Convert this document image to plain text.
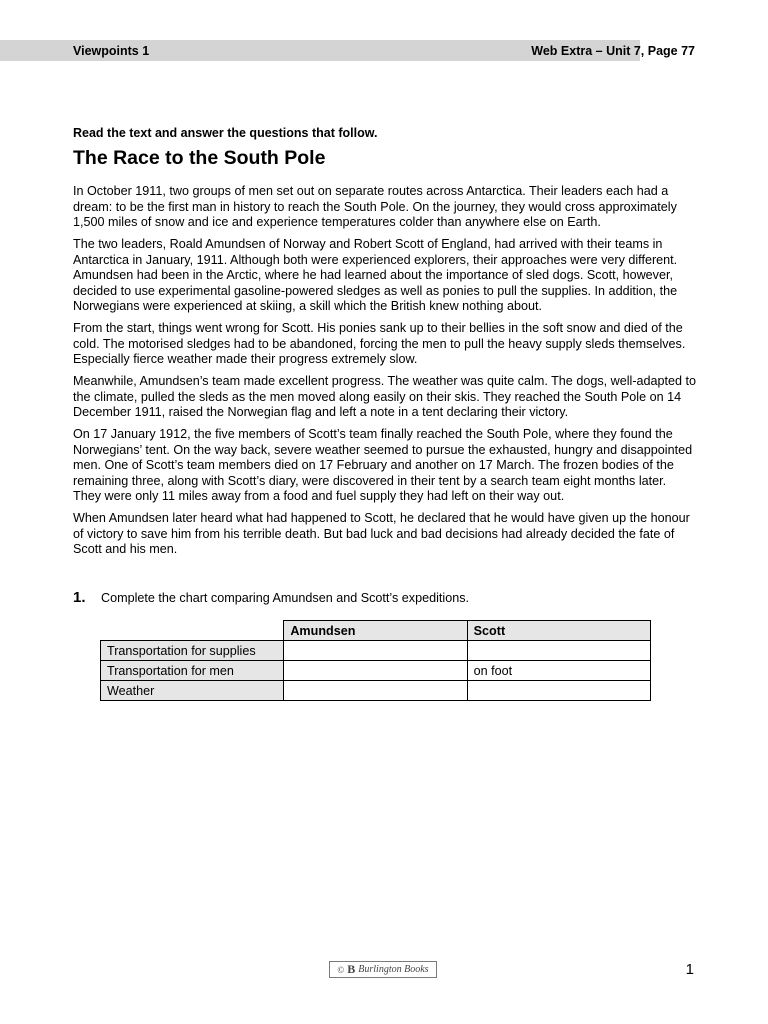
Viewpoints 1	Web Extra – Unit 7, Page 77
Read the text and answer the questions that follow.
The Race to the South Pole

In October 1911, two groups of men set out on separate routes across Antarctica. Their leaders each had a dream: to be the first man in history to reach the South Pole. On the journey, they would cross approximately 1,500 miles of snow and ice and experience temperatures colder than anywhere else on Earth.

The two leaders, Roald Amundsen of Norway and Robert Scott of England, had arrived with their teams in Antarctica in January, 1911. Although both were experienced explorers, their approaches were very different. Amundsen had been in the Arctic, where he had learned about the importance of sled dogs. Scott, however, decided to use experimental gasoline-powered sledges as well as ponies to pull the supplies. In addition, the Norwegians were experienced at skiing, a skill which the British knew nothing about.

From the start, things went wrong for Scott. His ponies sank up to their bellies in the soft snow and died of the cold. The motorised sledges had to be abandoned, forcing the men to pull the heavy supply sleds themselves. Especially fierce weather made their progress extremely slow.

Meanwhile, Amundsen’s team made excellent progress. The weather was quite calm. The dogs, well-adapted to the climate, pulled the sleds as the men moved along easily on their skis. They reached the South Pole on 14 December 1911, raised the Norwegian flag and left a note in a tent declaring their victory.

On 17 January 1912, the five members of Scott’s team finally reached the South Pole, where they found the Norwegians’ tent. On the way back, severe weather seemed to pursue the exhausted, hungry and disappointed men. One of Scott’s team members died on 17 February and another on 17 March. The frozen bodies of the remaining three, along with Scott’s diary, were discovered in their tent by a search team eight months later. They were only 11 miles away from a food and fuel supply they had left on their way out.

When Amundsen later heard what had happened to Scott, he declared that he would have given up the honour of victory to save him from his terrible death. But bad luck and bad decisions had already decided the fate of Scott and his men.

1. Complete the chart comparing Amundsen and Scott’s expeditions.
	Amundsen	Scott
Transportation for supplies		
Transportation for men		on foot
Weather		
© B Burlington Books	1
